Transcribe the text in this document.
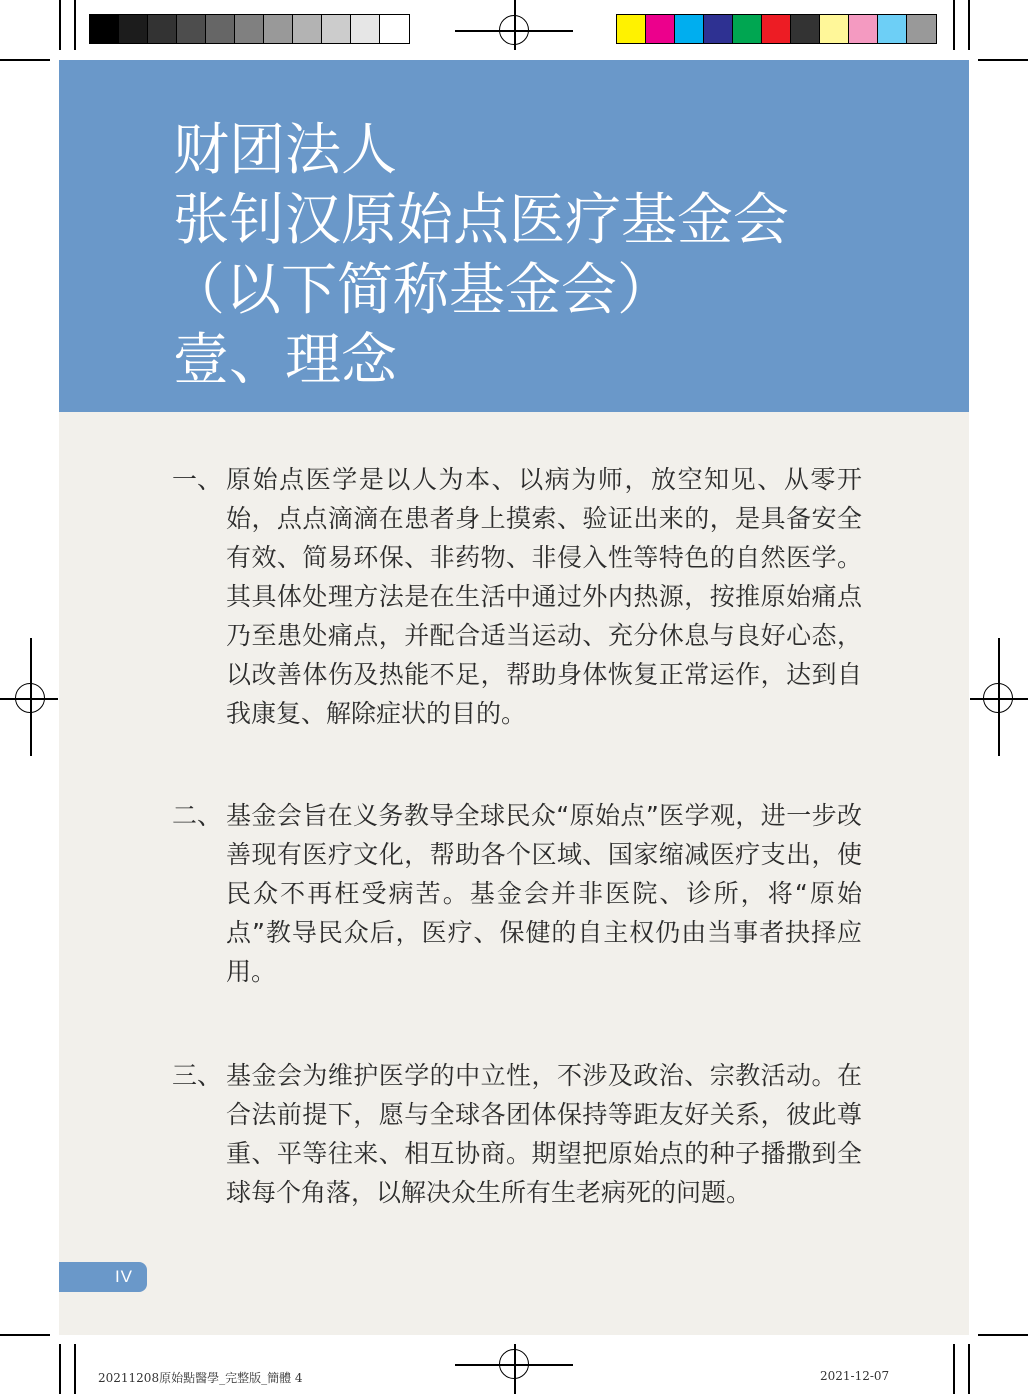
财团法人
张钊汉原始点医疗基金会
（以下简称基金会）
壹、理念
一、 原始点医学是以人为本、以病为师，放空知见、从零开始，点点滴滴在患者身上摸索、验证出来的，是具备安全有效、简易环保、非药物、非侵入性等特色的自然医学。其具体处理方法是在生活中通过外内热源，按推原始痛点乃至患处痛点，并配合适当运动、充分休息与良好心态，以改善体伤及热能不足，帮助身体恢复正常运作，达到自我康复、解除症状的目的。
二、 基金会旨在义务教导全球民众“原始点”医学观，进一步改善现有医疗文化，帮助各个区域、国家缩减医疗支出，使民众不再枉受病苦。基金会并非医院、诊所，将“原始点”教导民众后，医疗、保健的自主权仍由当事者抉择应用。
三、 基金会为维护医学的中立性，不涉及政治、宗教活动。在合法前提下，愿与全球各团体保持等距友好关系，彼此尊重、平等往来、相互协商。期望把原始点的种子播撒到全球每个角落，以解决众生所有生老病死的问题。
IV
20211208原始點醫學_完整版_簡體 4	2021-12-07
